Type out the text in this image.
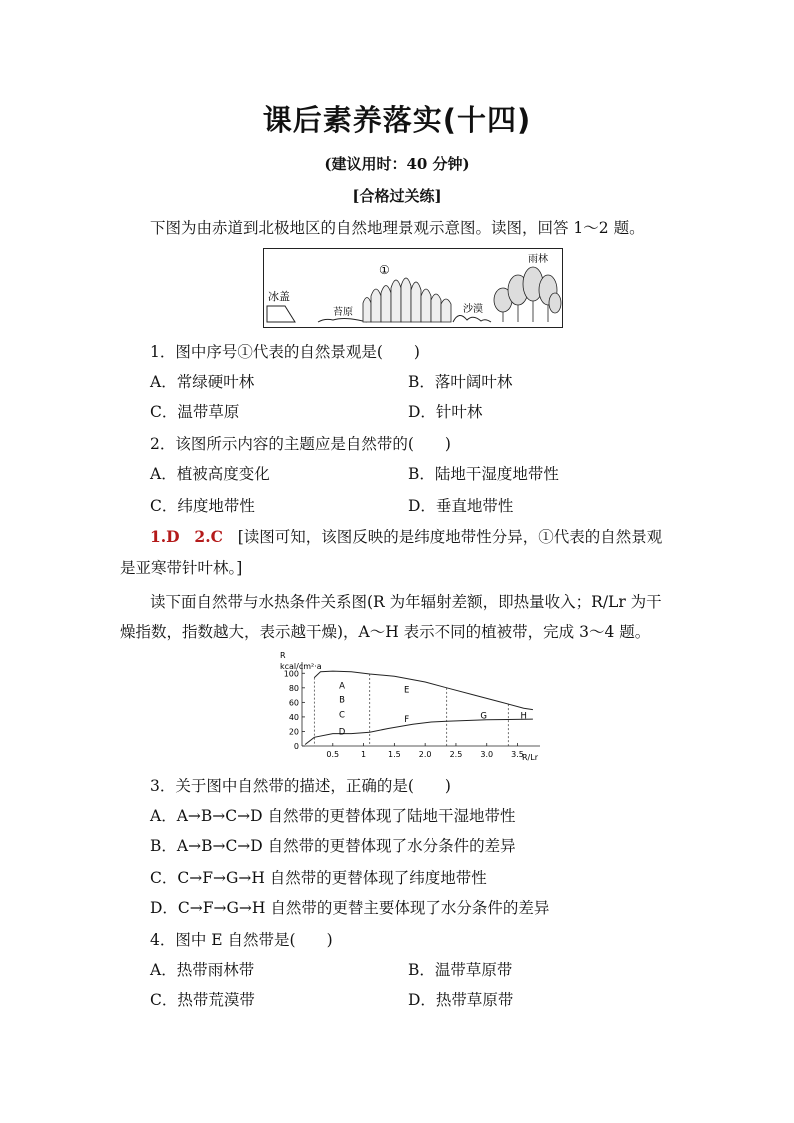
课后素养落实(十四)
(建议用时：40 分钟)
[合格过关练]
下图为由赤道到北极地区的自然地理景观示意图。读图，回答 1～2 题。
冰盖
苔原
①
沙漠
雨林
1．图中序号①代表的自然景观是(　　)
A．常绿硬叶林	B．落叶阔叶林
C．温带草原	D．针叶林
2．该图所示内容的主题应是自然带的(　　)
A．植被高度变化	B．陆地干湿度地带性
C．纬度地带性	D．垂直地带性
1.D 2.C [读图可知，该图反映的是纬度地带性分异，①代表的自然景观
是亚寒带针叶林。]
读下面自然带与水热条件关系图(R 为年辐射差额，即热量收入；R/Lr 为干
燥指数，指数越大，表示越干燥)，A～H 表示不同的植被带，完成 3～4 题。
R
kcal/cm²·a
100
80
60
40
20
0
0.5	1	1.5 2.0 2.5 3.0 3.5
A
B
C
D
E
F	G	H
R/Lr
3．关于图中自然带的描述，正确的是(　　)
A．A→B→C→D 自然带的更替体现了陆地干湿地带性
B．A→B→C→D 自然带的更替体现了水分条件的差异
C．C→F→G→H 自然带的更替体现了纬度地带性
D．C→F→G→H 自然带的更替主要体现了水分条件的差异
4．图中 E 自然带是(　　)
A．热带雨林带	B．温带草原带
C．热带荒漠带	D．热带草原带
